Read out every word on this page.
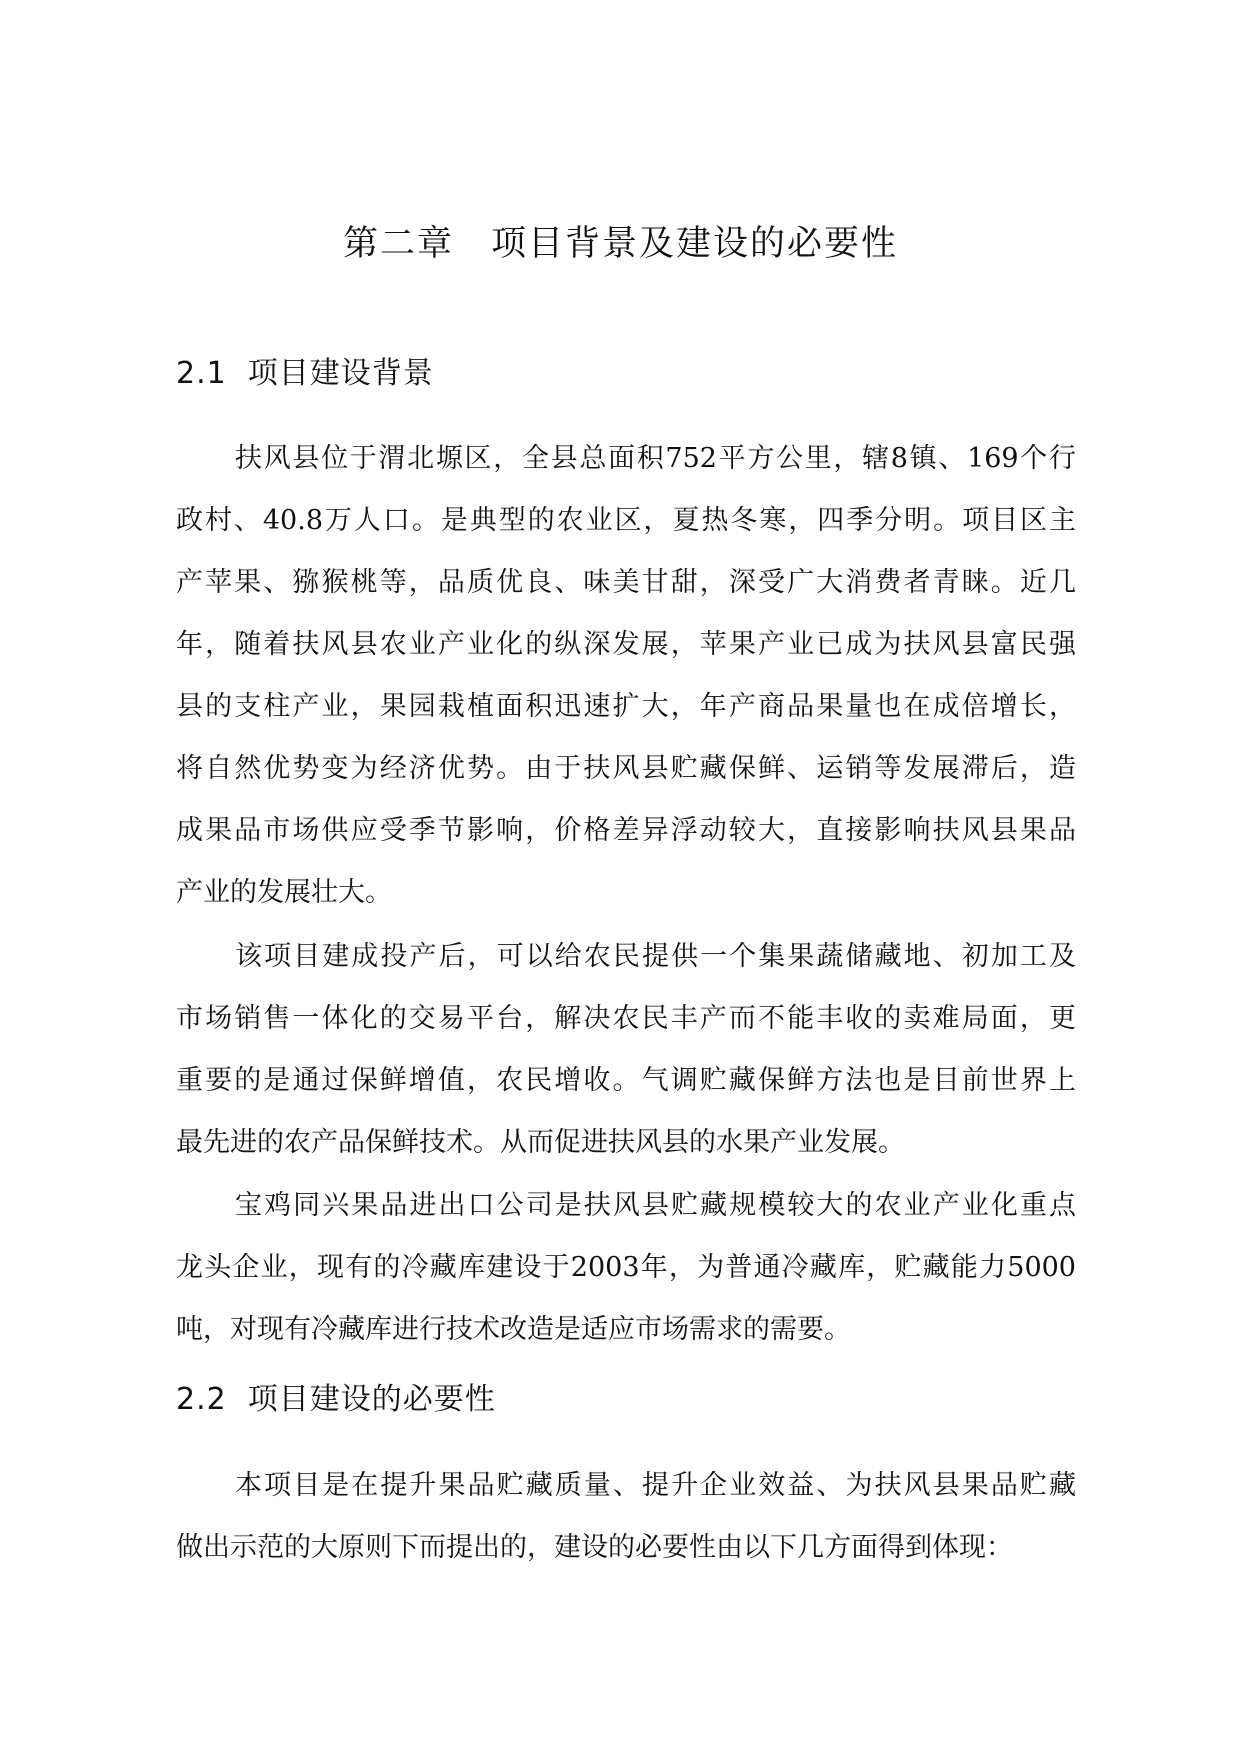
第二章　项目背景及建设的必要性
2.1  项目建设背景
扶风县位于渭北塬区，全县总面积752平方公里，辖8镇、169个行
政村、40.8万人口。是典型的农业区，夏热冬寒，四季分明。项目区主
产苹果、猕猴桃等，品质优良、味美甘甜，深受广大消费者青睐。近几
年，随着扶风县农业产业化的纵深发展，苹果产业已成为扶风县富民强
县的支柱产业，果园栽植面积迅速扩大，年产商品果量也在成倍增长，
将自然优势变为经济优势。由于扶风县贮藏保鲜、运销等发展滞后，造
成果品市场供应受季节影响，价格差异浮动较大，直接影响扶风县果品
产业的发展壮大。
该项目建成投产后，可以给农民提供一个集果蔬储藏地、初加工及
市场销售一体化的交易平台，解决农民丰产而不能丰收的卖难局面，更
重要的是通过保鲜增值，农民增收。气调贮藏保鲜方法也是目前世界上
最先进的农产品保鲜技术。从而促进扶风县的水果产业发展。
宝鸡同兴果品进出口公司是扶风县贮藏规模较大的农业产业化重点
龙头企业，现有的冷藏库建设于2003年，为普通冷藏库，贮藏能力5000
吨，对现有冷藏库进行技术改造是适应市场需求的需要。
2.2  项目建设的必要性
本项目是在提升果品贮藏质量、提升企业效益、为扶风县果品贮藏
做出示范的大原则下而提出的，建设的必要性由以下几方面得到体现：
